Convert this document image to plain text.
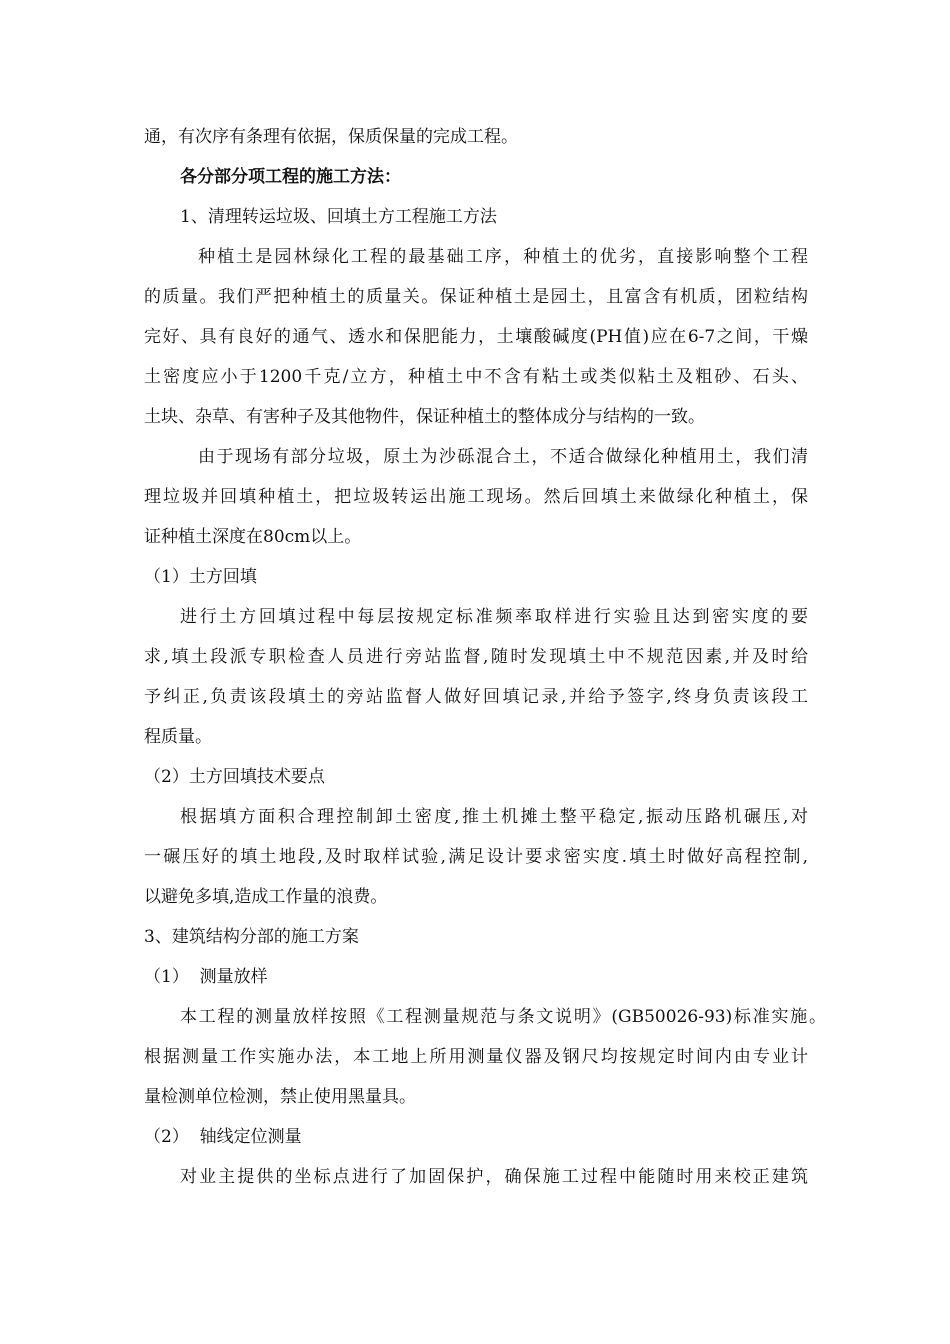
通，有次序有条理有依据，保质保量的完成工程。
各分部分项工程的施工方法：
1、清理转运垃圾、回填土方工程施工方法
种植土是园林绿化工程的最基础工序，种植土的优劣，直接影响整个工程
的质量。我们严把种植土的质量关。保证种植土是园土，且富含有机质，团粒结构
完好、具有良好的通气、透水和保肥能力，土壤酸碱度(PH值)应在6-7之间，干燥
土密度应小于1200千克/立方，种植土中不含有粘土或类似粘土及粗砂、石头、
土块、杂草、有害种子及其他物件，保证种植土的整体成分与结构的一致。
由于现场有部分垃圾，原土为沙砾混合土，不适合做绿化种植用土，我们清
理垃圾并回填种植土，把垃圾转运出施工现场。然后回填土来做绿化种植土，保
证种植土深度在80cm以上。
（1）土方回填
进行土方回填过程中每层按规定标准频率取样进行实验且达到密实度的要
求,填土段派专职检查人员进行旁站监督,随时发现填土中不规范因素,并及时给
予纠正,负责该段填土的旁站监督人做好回填记录,并给予签字,终身负责该段工
程质量。
（2）土方回填技术要点
根据填方面积合理控制卸土密度,推土机摊土整平稳定,振动压路机碾压,对
一碾压好的填土地段,及时取样试验,满足设计要求密实度.填土时做好高程控制,
以避免多填,造成工作量的浪费。
3、建筑结构分部的施工方案
（1）  测量放样
本工程的测量放样按照《工程测量规范与条文说明》(GB50026-93)标准实施。
根据测量工作实施办法，本工地上所用测量仪器及钢尺均按规定时间内由专业计
量检测单位检测，禁止使用黑量具。
（2）  轴线定位测量
对业主提供的坐标点进行了加固保护，确保施工过程中能随时用来校正建筑
